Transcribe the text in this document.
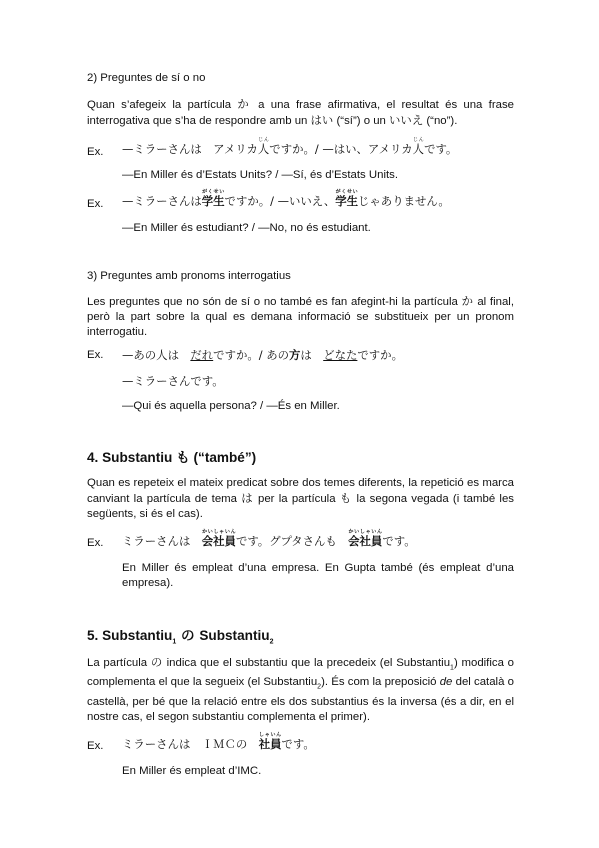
2) Preguntes de sí o no
Quan s’afegeix la partícula か a una frase afirmativa, el resultat és una frase interrogativa que s’ha de respondre amb un はい (“sí”) o un いいえ (“no”).
Ex. —ミラーさんは　アメリカ人じんですか。/ —はい、アメリカ人じんです。
—En Miller és d’Estats Units? / —Sí, és d’Estats Units.
Ex. —ミラーさんは学生がくせいですか。/ —いいえ、学生がくせいじゃありません。
—En Miller és estudiant? / —No, no és estudiant.
3) Preguntes amb pronoms interrogatius
Les preguntes que no són de sí o no també es fan afegint-hi la partícula か al final, però la part sobre la qual es demana informació se substitueix per un pronom interrogatiu.
Ex. —あの人は　 だれですか。/ あの方は　 どなたですか。
—ミラーさんです。
—Qui és aquella persona? / —És en Miller.
4. Substantiu も (“també”)
Quan es repeteix el mateix predicat sobre dos temes diferents, la repetició es marca canviant la partícula de tema は per la partícula も la segona vegada (i també les següents, si és el cas).
Ex. ミラーさんは　会社員かいしゃいんです。グプタさんも　会社員かいしゃいんです。
En Miller és empleat d’una empresa. En Gupta també (és empleat d’una empresa).
5. Substantiu$_1$ の Substantiu$_2$
La partícula の indica que el substantiu que la precedeix (el Substantiu$_1$) modifica o complementa el que la segueix (el Substantiu$_2$). És com la preposició de del català o castellà, per bé que la relació entre els dos substantius és la inversa (és a dir, en el nostre cas, el segon substantiu complementa el primer).
Ex. ミラーさんは　ＩＭＣの　社員しゃいんです。
En Miller és empleat d’IMC.
